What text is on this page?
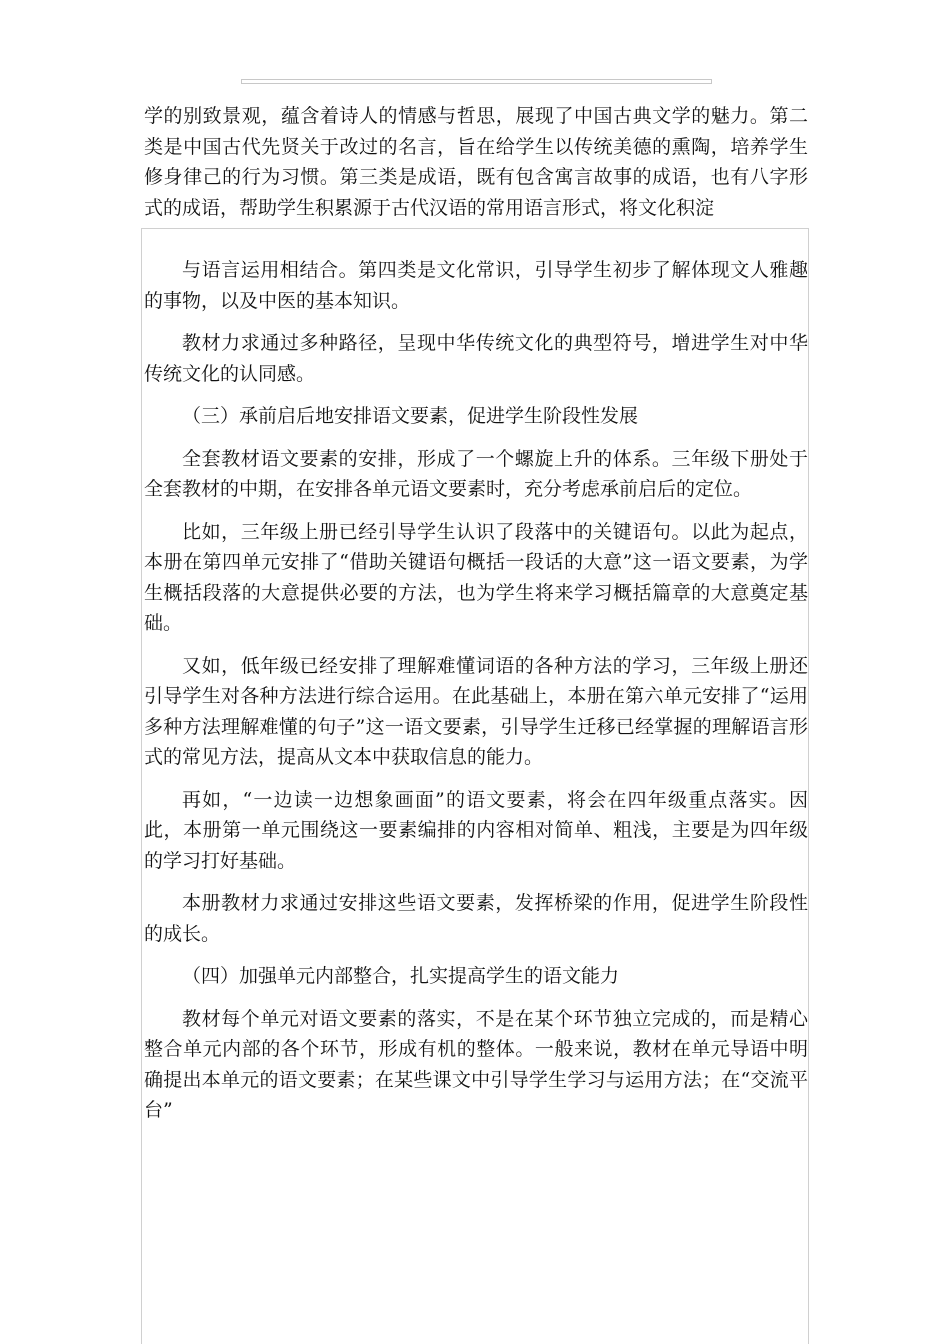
学的别致景观，蕴含着诗人的情感与哲思，展现了中国古典文学的魅力。第二类是中国古代先贤关于改过的名言，旨在给学生以传统美德的熏陶，培养学生修身律己的行为习惯。第三类是成语，既有包含寓言故事的成语，也有八字形式的成语，帮助学生积累源于古代汉语的常用语言形式，将文化积淀

与语言运用相结合。第四类是文化常识，引导学生初步了解体现文人雅趣的事物，以及中医的基本知识。

教材力求通过多种路径，呈现中华传统文化的典型符号，增进学生对中华传统文化的认同感。

（三）承前启后地安排语文要素，促进学生阶段性发展

全套教材语文要素的安排，形成了一个螺旋上升的体系。三年级下册处于全套教材的中期，在安排各单元语文要素时，充分考虑承前启后的定位。

比如，三年级上册已经引导学生认识了段落中的关键语句。以此为起点，本册在第四单元安排了“借助关键语句概括一段话的大意”这一语文要素，为学生概括段落的大意提供必要的方法，也为学生将来学习概括篇章的大意奠定基础。

又如，低年级已经安排了理解难懂词语的各种方法的学习，三年级上册还引导学生对各种方法进行综合运用。在此基础上，本册在第六单元安排了“运用多种方法理解难懂的句子”这一语文要素，引导学生迁移已经掌握的理解语言形式的常见方法，提高从文本中获取信息的能力。

再如，“一边读一边想象画面”的语文要素，将会在四年级重点落实。因此，本册第一单元围绕这一要素编排的内容相对简单、粗浅，主要是为四年级的学习打好基础。

本册教材力求通过安排这些语文要素，发挥桥梁的作用，促进学生阶段性的成长。

（四）加强单元内部整合，扎实提高学生的语文能力

教材每个单元对语文要素的落实，不是在某个环节独立完成的，而是精心整合单元内部的各个环节，形成有机的整体。一般来说，教材在单元导语中明确提出本单元的语文要素；在某些课文中引导学生学习与运用方法；在“交流平台”
